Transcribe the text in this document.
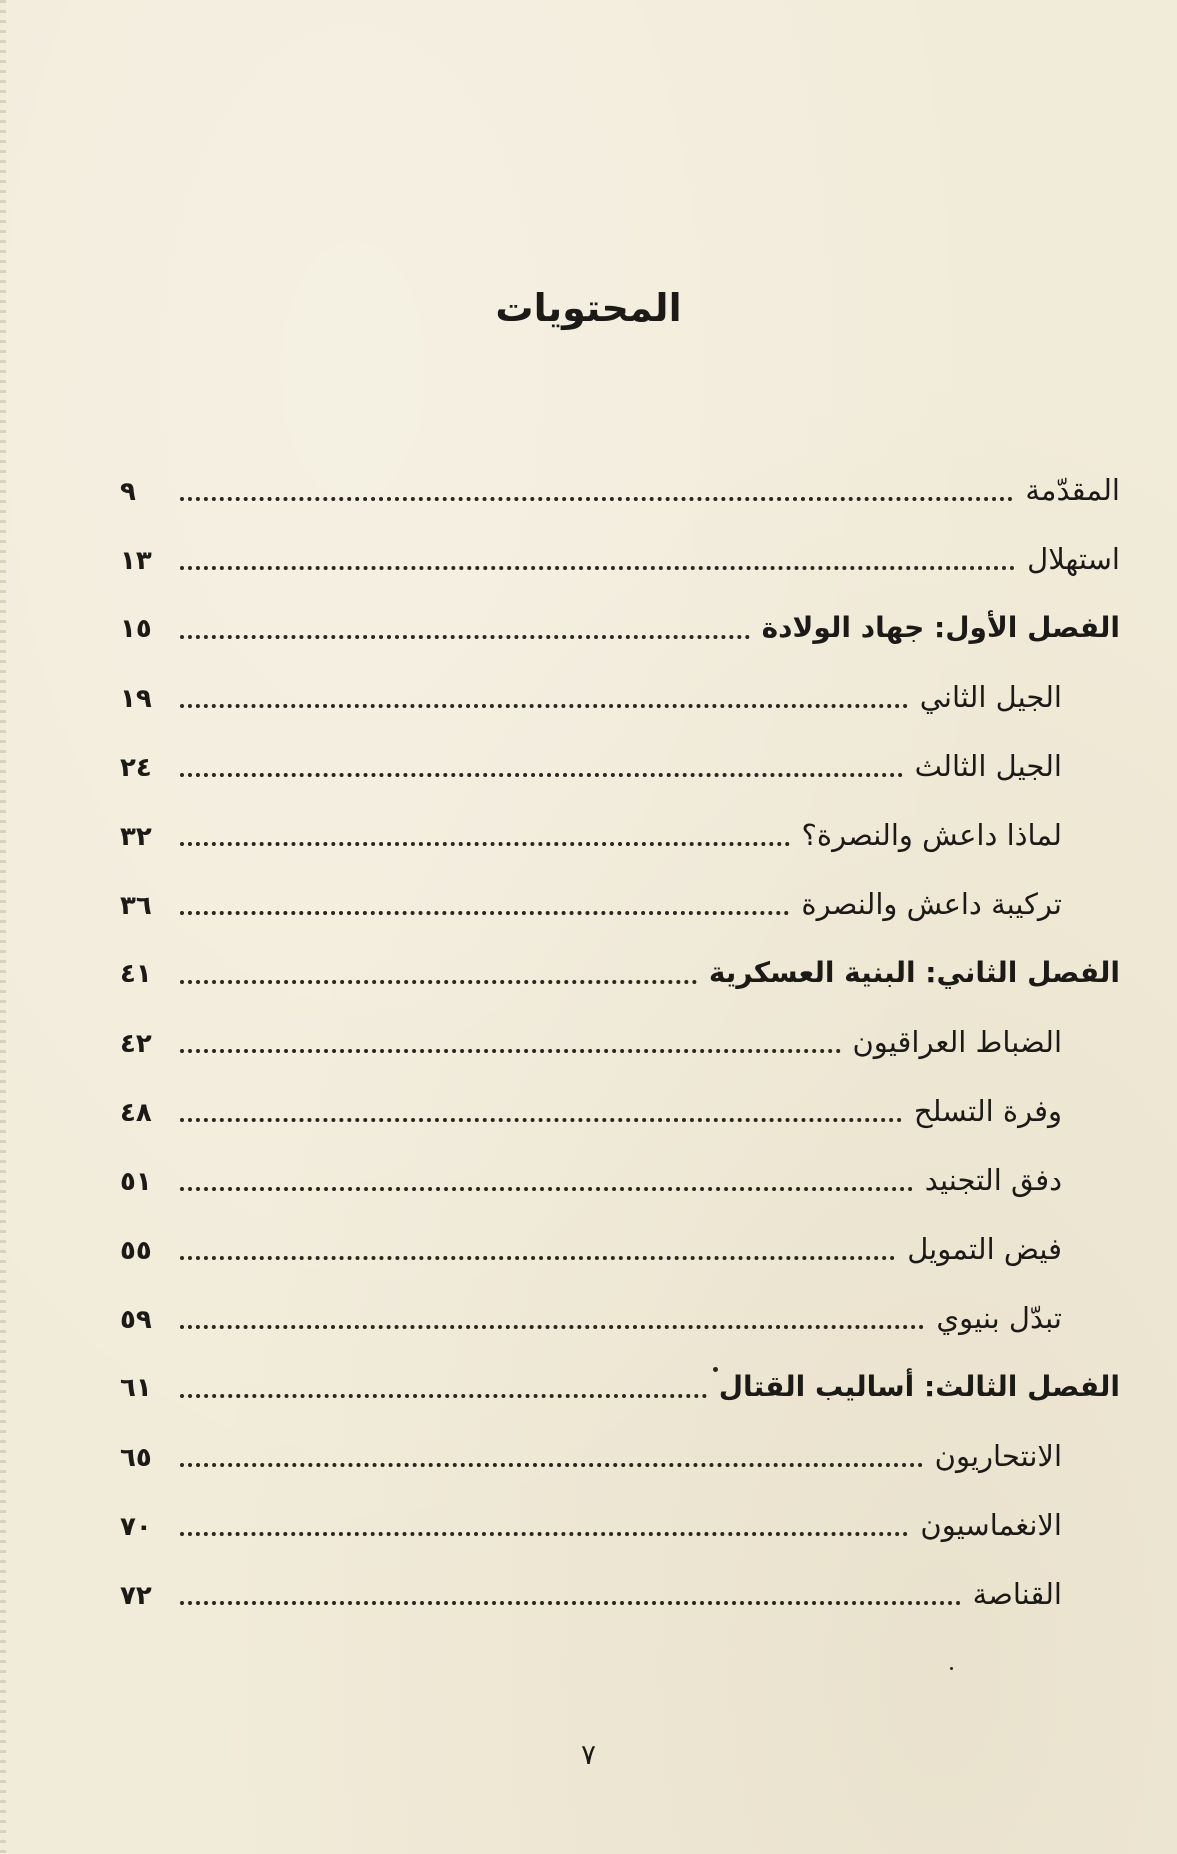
المحتويات
المقدّمة
٩
استهلال
١٣
الفصل الأول: جهاد الولادة
١٥
الجيل الثاني
١٩
الجيل الثالث
٢٤
لماذا داعش والنصرة؟
٣٢
تركيبة داعش والنصرة
٣٦
الفصل الثاني: البنية العسكرية
٤١
الضباط العراقيون
٤٢
وفرة التسلح
٤٨
دفق التجنيد
٥١
فيض التمويل
٥٥
تبدّل بنيوي
٥٩
الفصل الثالث: أساليب القتال
٦١
الانتحاريون
٦٥
الانغماسيون
٧٠
القناصة
٧٢

٧
